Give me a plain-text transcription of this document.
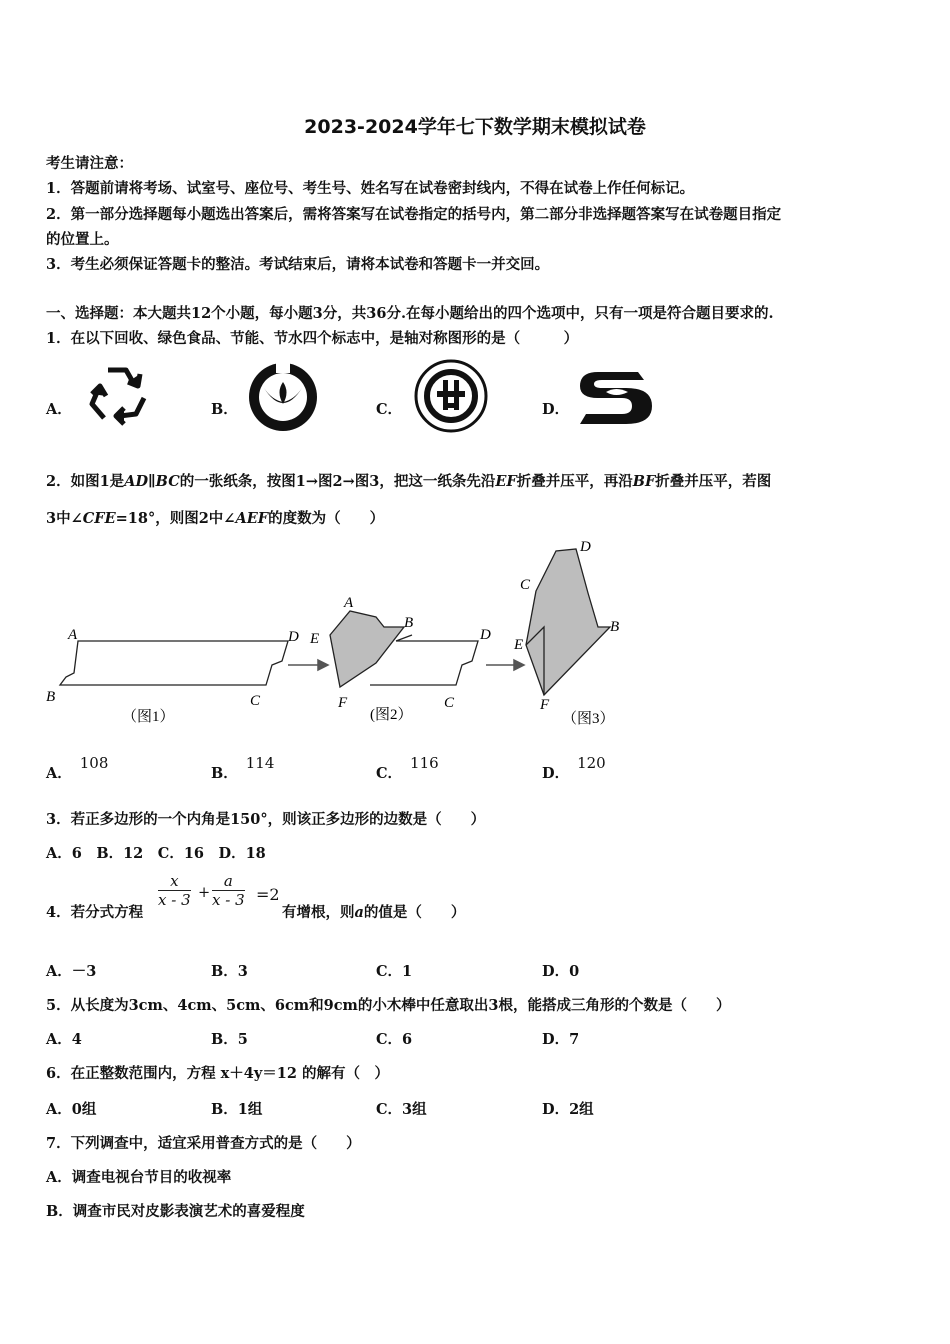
2023-2024学年七下数学期末模拟试卷
考生请注意：
1．答题前请将考场、试室号、座位号、考生号、姓名写在试卷密封线内，不得在试卷上作任何标记。
2．第一部分选择题每小题选出答案后，需将答案写在试卷指定的括号内，第二部分非选择题答案写在试卷题目指定
的位置上。
3．考生必须保证答题卡的整洁。考试结束后，请将本试卷和答题卡一并交回。
一、选择题：本大题共12个小题，每小题3分，共36分.在每小题给出的四个选项中，只有一项是符合题目要求的.
1．在以下回收、绿色食品、节能、节水四个标志中，是轴对称图形的是（　　　）
A．	B．	C．	D．
2．如图1是AD∥BC的一张纸条，按图1→图2→图3，把这一纸条先沿EF折叠并压平，再沿BF折叠并压平，若图
3中∠CFE=18°，则图2中∠AEF的度数为（　　）
A	D
B	C
（图1）
A
B
E	D
F	C
(图2）
D
C
B
E
F
（图3）
A．108
B．114
C．116
D．120
3．若正多边形的一个内角是150°，则该正多边形的边数是（　　）
A．6　B．12　C．16　D．18
4．若分式方程
x
x - 3 +
a
x - 3 =2
有增根，则a的值是（　　）
A．－3	B．3	C．1	D．0
5．从长度为3cm、4cm、5cm、6cm和9cm的小木棒中任意取出3根，能搭成三角形的个数是（　　）
A．4	B．5	C．6	D．7
6．在正整数范围内，方程 x＋4y＝12 的解有（　）
A．0组	B．1组	C．3组	D．2组
7．下列调查中，适宜采用普查方式的是（　　）
A．调查电视台节目的收视率
B．调查市民对皮影表演艺术的喜爱程度
